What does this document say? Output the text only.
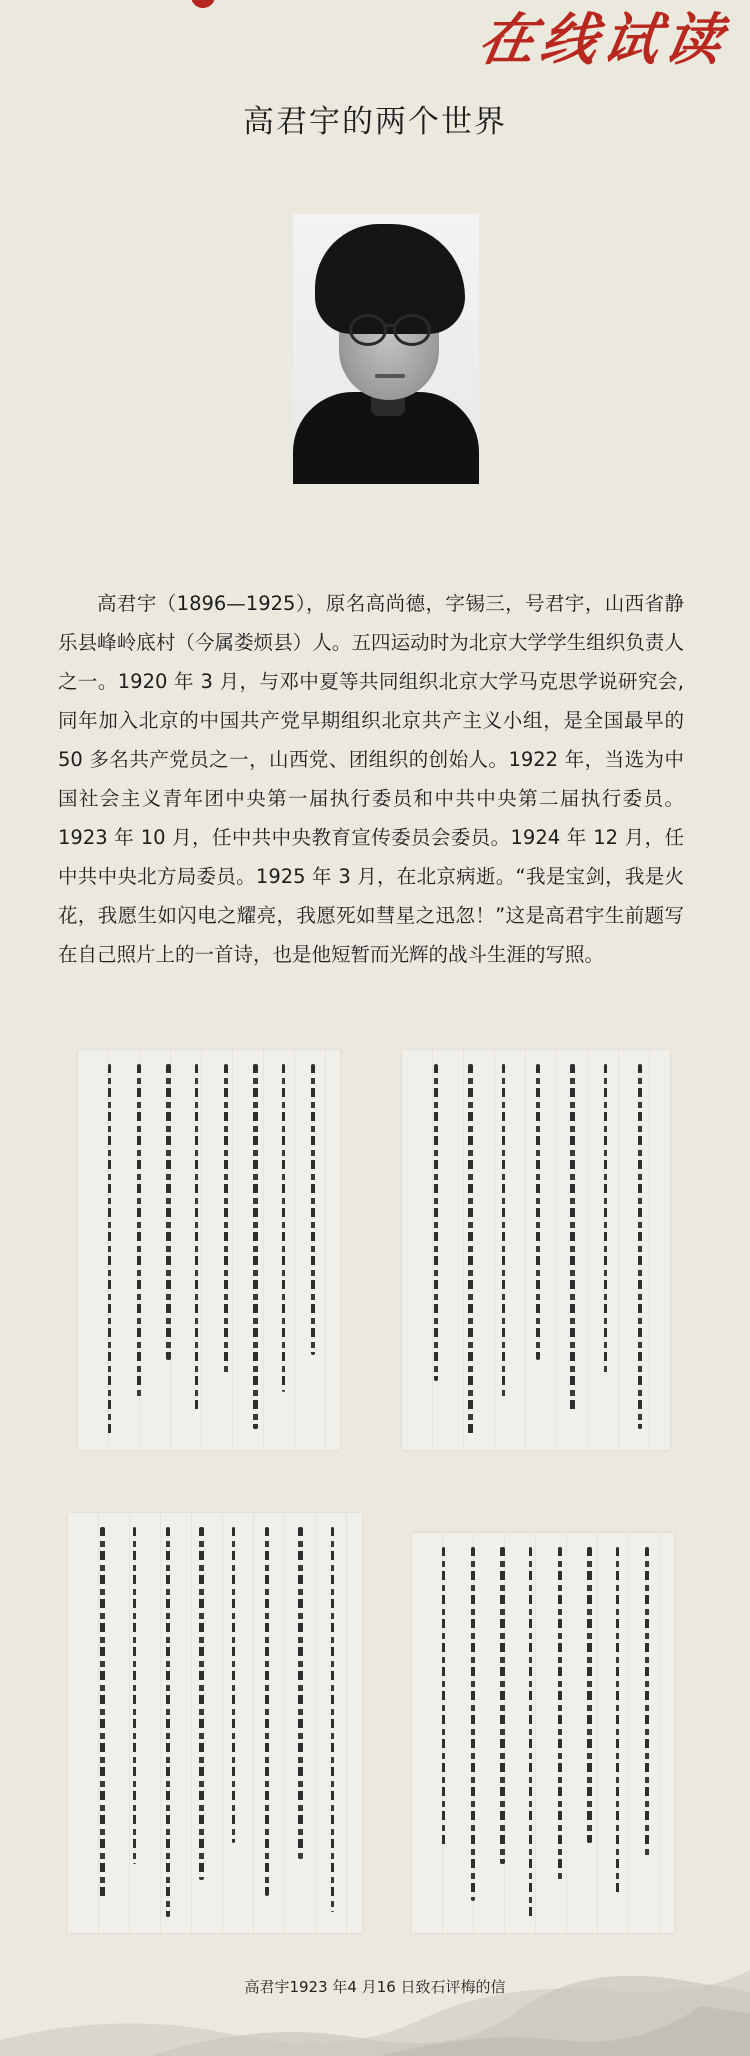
在线试读
高君宇的两个世界

高君宇（1896—1925），原名高尚德，字锡三，号君宇，山西省静乐县峰岭底村（今属娄烦县）人。五四运动时为北京大学学生组织负责人之一。1920 年 3 月，与邓中夏等共同组织北京大学马克思学说研究会,同年加入北京的中国共产党早期组织北京共产主义小组，是全国最早的50 多名共产党员之一，山西党、团组织的创始人。1922 年，当选为中国社会主义青年团中央第一届执行委员和中共中央第二届执行委员。1923 年 10 月，任中共中央教育宣传委员会委员。1924 年 12 月，任中共中央北方局委员。1925 年 3 月，在北京病逝。“我是宝剑，我是火花，我愿生如闪电之耀亮，我愿死如彗星之迅忽！”这是高君宇生前题写在自己照片上的一首诗，也是他短暂而光辉的战斗生涯的写照。

高君宇1923 年4 月16 日致石评梅的信
